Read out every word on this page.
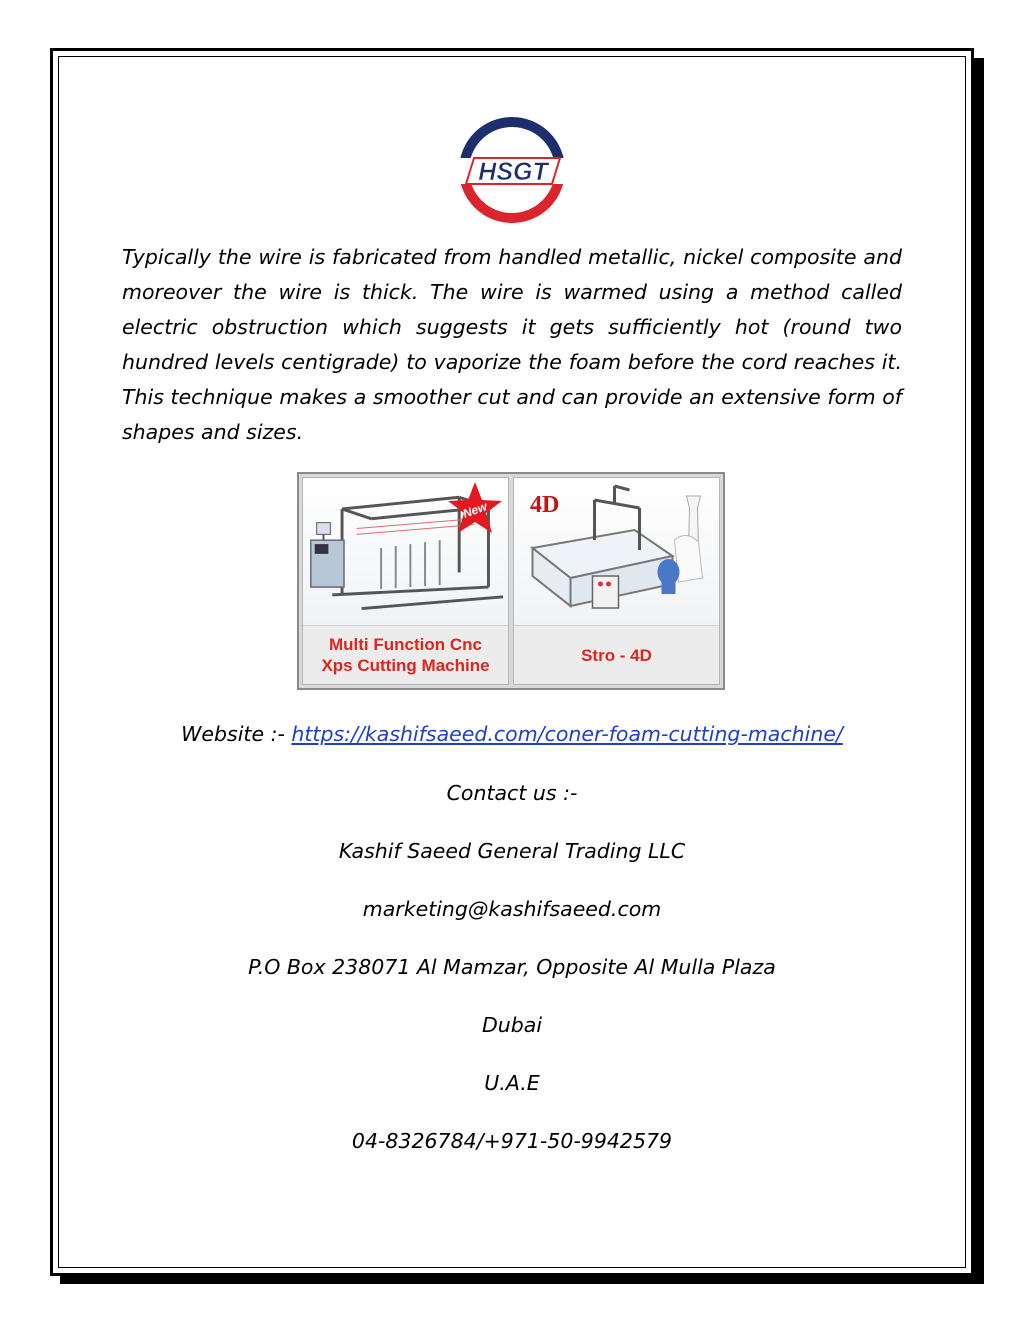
HSGT

Typically the wire is fabricated from handled metallic, nickel composite and moreover the wire is thick. The wire is warmed using a method called electric obstruction which suggests it gets sufficiently hot (round two hundred levels centigrade) to vaporize the foam before the cord reaches it. This technique makes a smoother cut and can provide an extensive form of shapes and sizes.

New
Multi Function Cnc
Xps Cutting Machine
4D
Stro - 4D

Website :- https://kashifsaeed.com/coner-foam-cutting-machine/

Contact us :-

Kashif Saeed General Trading LLC

marketing@kashifsaeed.com

P.O Box 238071 Al Mamzar, Opposite Al Mulla Plaza

Dubai

U.A.E

04-8326784/+971-50-9942579
